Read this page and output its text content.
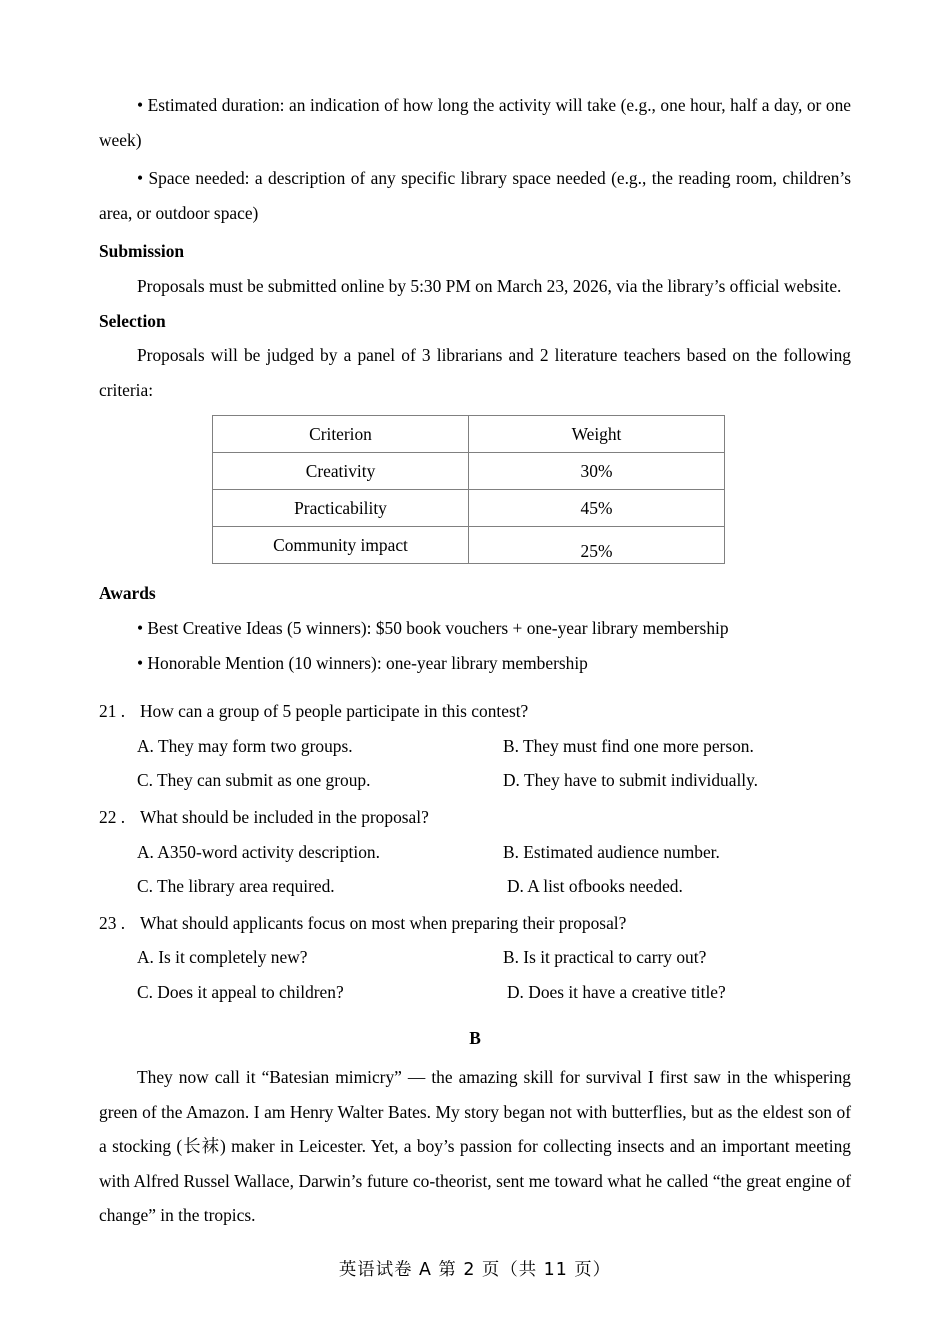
• Estimated duration: an indication of how long the activity will take (e.g., one hour, half a day, or one week)

• Space needed: a description of any specific library space needed (e.g., the reading room, children’s area, or outdoor space)

Submission

Proposals must be submitted online by 5:30 PM on March 23, 2026, via the library’s official website.

Selection

Proposals will be judged by a panel of 3 librarians and 2 literature teachers based on the following criteria:

Criterion	Weight
Creativity	30%
Practicability	45%
Community impact	25%

Awards

• Best Creative Ideas (5 winners): $50 book vouchers + one-year library membership

• Honorable Mention (10 winners): one-year library membership

21 . How can a group of 5 people participate in this contest?
A. They may form two groups.	B. They must find one more person.
C. They can submit as one group.	D. They have to submit individually.
22 . What should be included in the proposal?
A. A350-word activity description.	B. Estimated audience number.
C. The library area required.	D. A list ofbooks needed.
23 . What should applicants focus on most when preparing their proposal?
A. Is it completely new?	B. Is it practical to carry out?
C. Does it appeal to children?	D. Does it have a creative title?

B

They now call it “Batesian mimicry” — the amazing skill for survival I first saw in the whispering green of the Amazon. I am Henry Walter Bates. My story began not with butterflies, but as the eldest son of a stocking (长袜) maker in Leicester. Yet, a boy’s passion for collecting insects and an important meeting with Alfred Russel Wallace, Darwin’s future co-theorist, sent me toward what he called “the great engine of change” in the tropics.

英语试卷 A 第 2 页（共 11 页）
